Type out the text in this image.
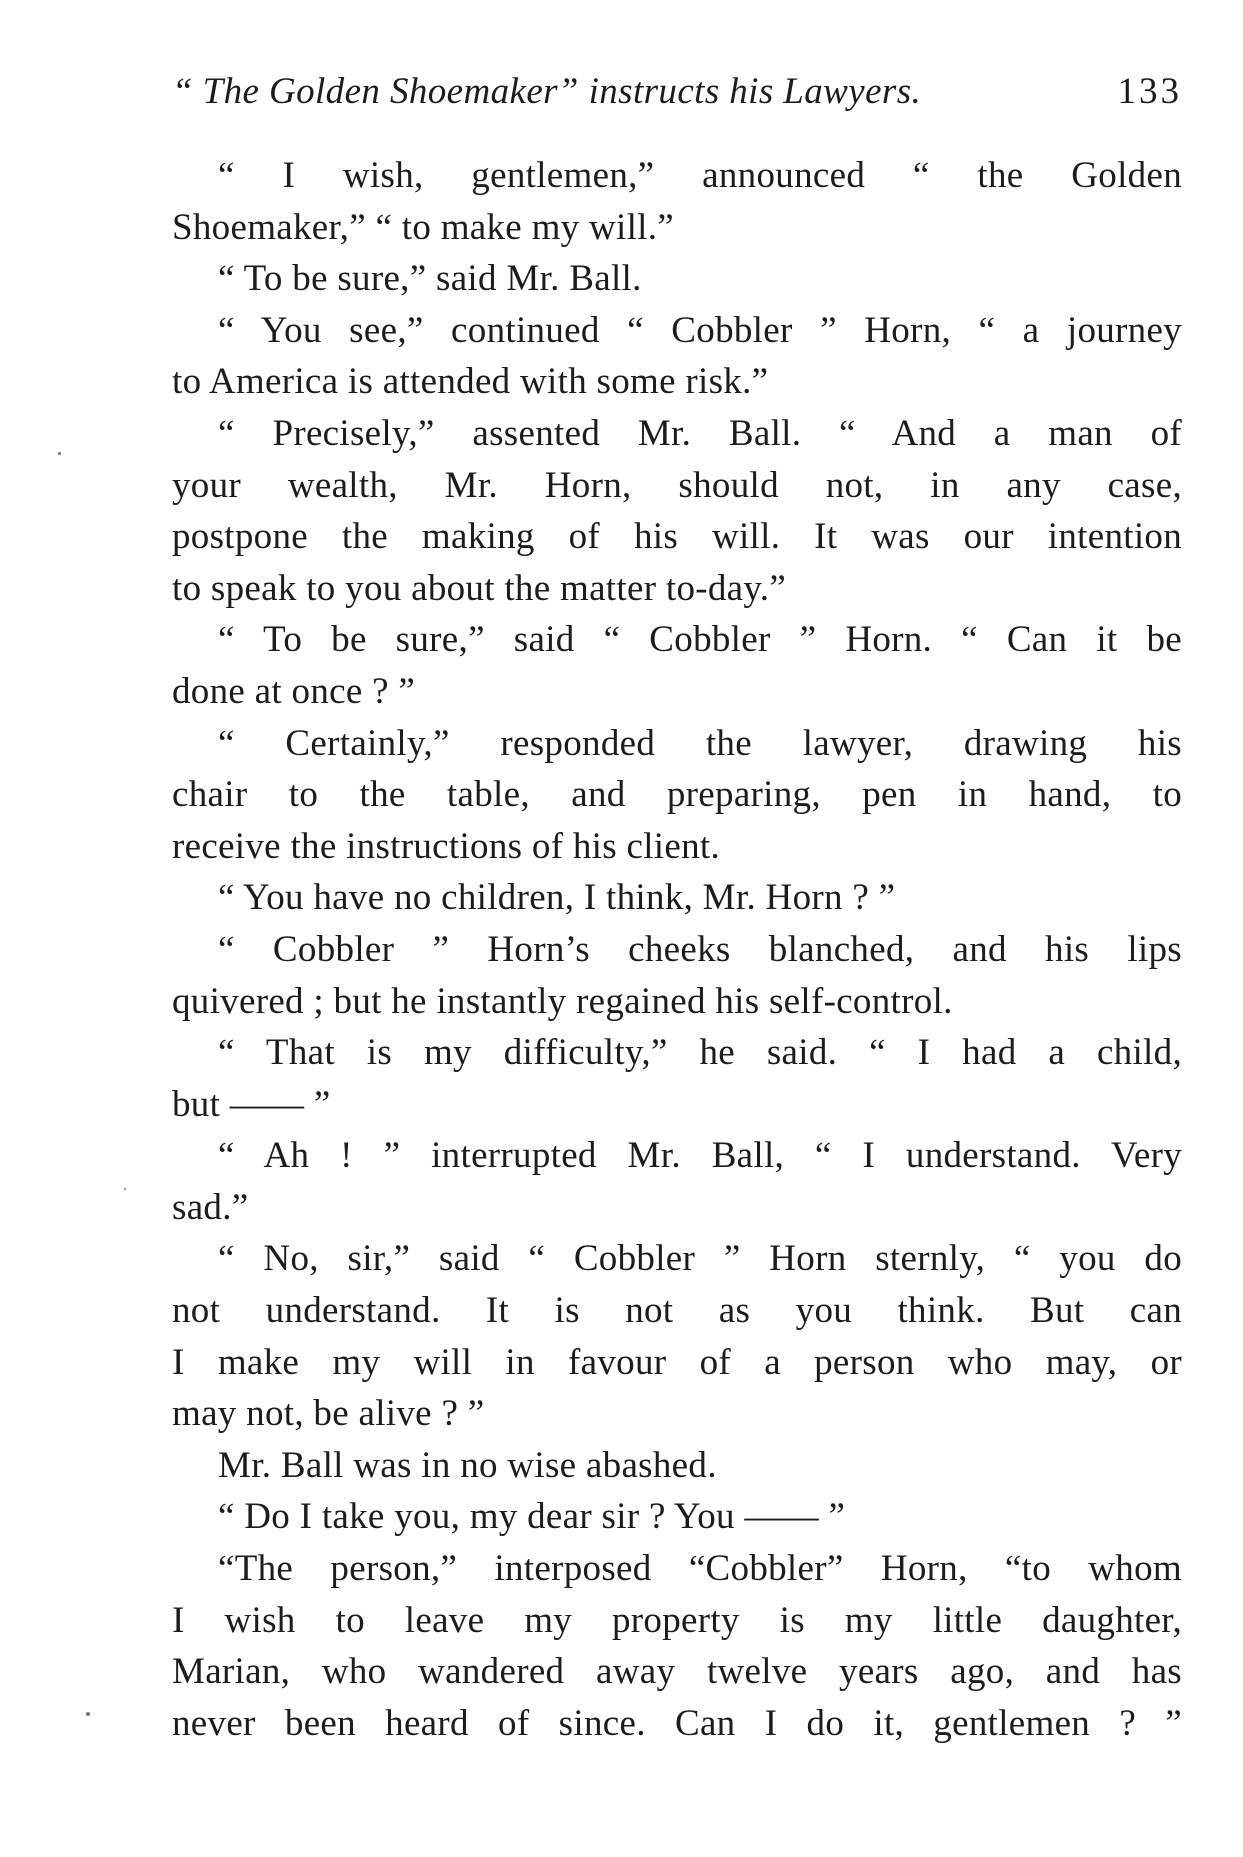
“ The Golden Shoemaker” instructs his Lawyers.	133
“ I wish, gentlemen,” announced “ the Golden
Shoemaker,” “ to make my will.”
“ To be sure,” said Mr. Ball.
“ You see,” continued “ Cobbler ” Horn, “ a journey
to America is attended with some risk.”
“ Precisely,” assented Mr. Ball. “ And a man of
your wealth, Mr. Horn, should not, in any case,
postpone the making of his will. It was our intention
to speak to you about the matter to-day.”
“ To be sure,” said “ Cobbler ” Horn. “ Can it be
done at once ? ”
“ Certainly,” responded the lawyer, drawing his
chair to the table, and preparing, pen in hand, to
receive the instructions of his client.
“ You have no children, I think, Mr. Horn ? ”
“ Cobbler ” Horn’s cheeks blanched, and his lips
quivered ; but he instantly regained his self-control.
“ That is my difficulty,” he said. “ I had a child,
but —— ”
“ Ah ! ” interrupted Mr. Ball, “ I understand. Very
sad.”
“ No, sir,” said “ Cobbler ” Horn sternly, “ you do
not understand. It is not as you think. But can
I make my will in favour of a person who may, or
may not, be alive ? ”
Mr. Ball was in no wise abashed.
“ Do I take you, my dear sir ? You —— ”
“The person,” interposed “Cobbler” Horn, “to whom
I wish to leave my property is my little daughter,
Marian, who wandered away twelve years ago, and has
never been heard of since. Can I do it, gentlemen ? ”
